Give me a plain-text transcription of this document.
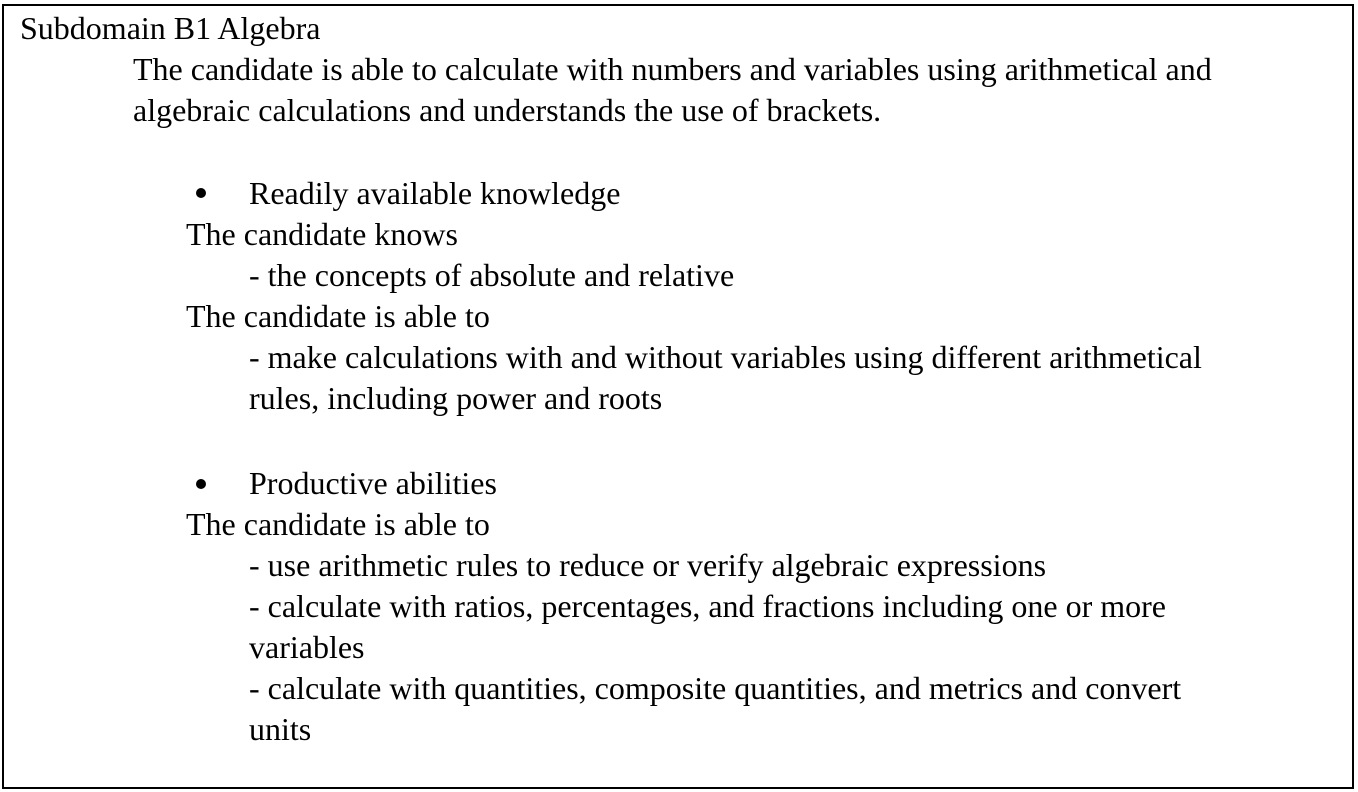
Subdomain B1 Algebra
The candidate is able to calculate with numbers and variables using arithmetical and
algebraic calculations and understands the use of brackets.
Readily available knowledge
The candidate knows
- the concepts of absolute and relative
The candidate is able to
- make calculations with and without variables using different arithmetical
rules, including power and roots
Productive abilities
The candidate is able to
- use arithmetic rules to reduce or verify algebraic expressions
- calculate with ratios, percentages, and fractions including one or more
variables
- calculate with quantities, composite quantities, and metrics and convert
units
